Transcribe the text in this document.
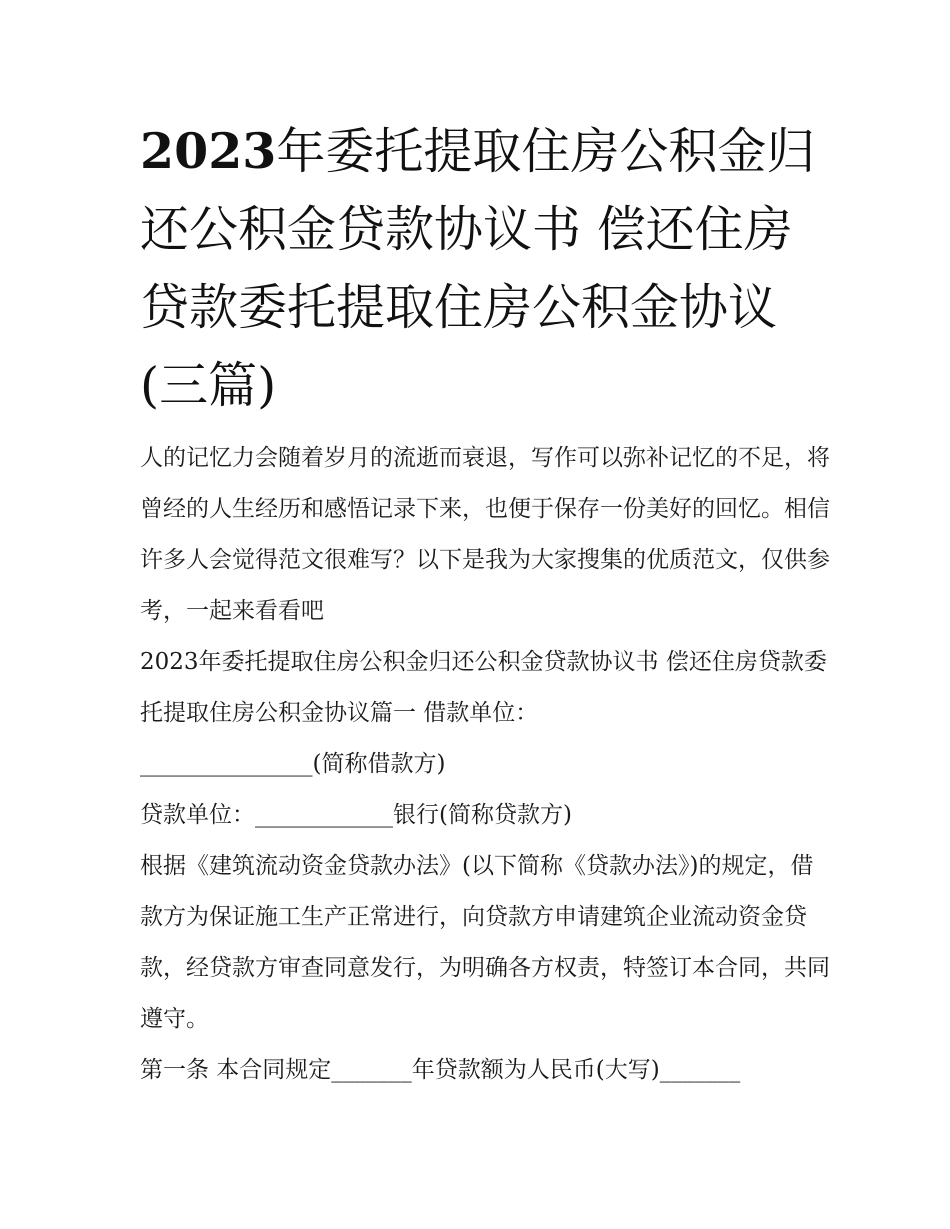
2023年委托提取住房公积金归还公积金贷款协议书 偿还住房贷款委托提取住房公积金协议(三篇)

人的记忆力会随着岁月的流逝而衰退，写作可以弥补记忆的不足，将曾经的人生经历和感悟记录下来，也便于保存一份美好的回忆。相信许多人会觉得范文很难写？以下是我为大家搜集的优质范文，仅供参考，一起来看看吧

2023年委托提取住房公积金归还公积金贷款协议书 偿还住房贷款委托提取住房公积金协议篇一 借款单位：

_______________(简称借款方)

贷款单位：____________银行(简称贷款方)

根据《建筑流动资金贷款办法》(以下简称《贷款办法》)的规定，借款方为保证施工生产正常进行，向贷款方申请建筑企业流动资金贷款，经贷款方审查同意发行，为明确各方权责，特签订本合同，共同遵守。

第一条 本合同规定_______年贷款额为人民币(大写)_______
